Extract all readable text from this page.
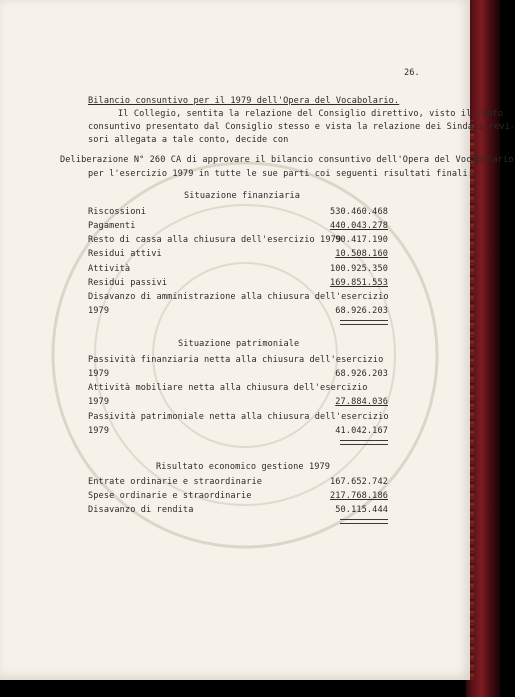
26.
Bilancio consuntivo per il 1979 dell'Opera del Vocabolario.
Il Collegio, sentita la relazione del Consiglio direttivo, visto il conto
consuntivo presentato dal Consiglio stesso e vista la relazione dei Sindaci revi-
sori allegata a tale conto, decide con
Deliberazione N° 260 CA di approvare il bilancio consuntivo dell'Opera del Vocabolario
per l'esercizio 1979 in tutte le sue parti coi seguenti risultati finali:
Situazione finanziaria
Riscossioni	530.460.468
Pagamenti	440.043.278
Resto di cassa alla chiusura dell'esercizio 1979
90.417.190
Residui attivi	10.508.160
Attività	100.925.350
Residui passivi	169.851.553
Disavanzo di amministrazione alla chiusura dell'esercizio
1979	68.926.203
Situazione patrimoniale
Passività finanziaria netta alla chiusura dell'esercizio
1979	68.926.203
Attività mobiliare netta alla chiusura dell'esercizio
1979	27.884.036
Passività patrimoniale netta alla chiusura dell'esercizio
1979	41.042.167
Risultato economico gestione 1979
Entrate ordinarie e straordinarie	167.652.742
Spese ordinarie e straordinarie	217.768.186
Disavanzo di rendita	50.115.444
